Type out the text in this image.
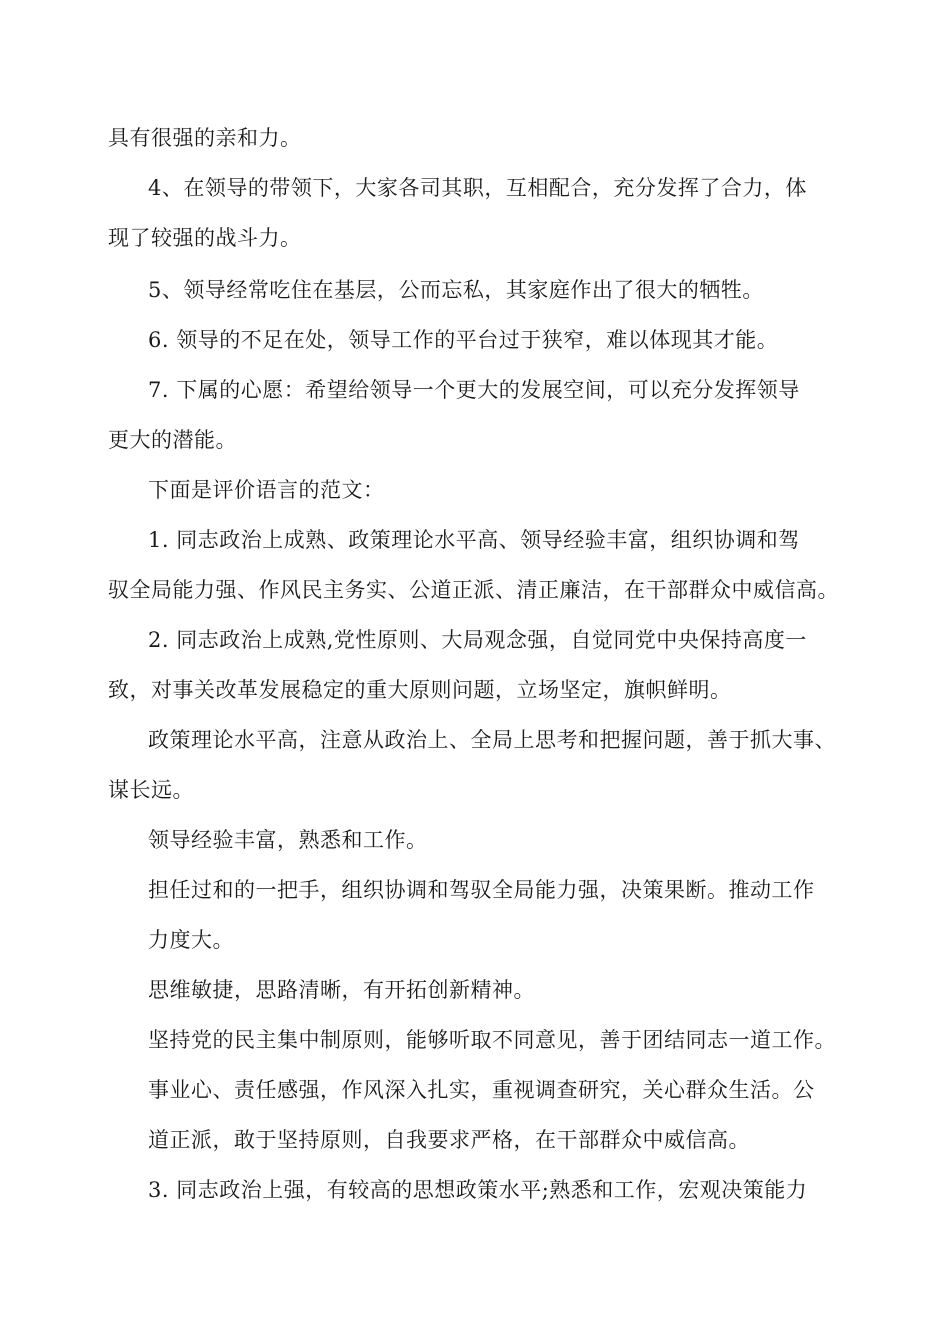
具有很强的亲和力。
4、在领导的带领下，大家各司其职，互相配合，充分发挥了合力，体
现了较强的战斗力。
5、领导经常吃住在基层，公而忘私，其家庭作出了很大的牺牲。
6. 领导的不足在处，领导工作的平台过于狭窄，难以体现其才能。
7. 下属的心愿：希望给领导一个更大的发展空间，可以充分发挥领导
更大的潜能。
下面是评价语言的范文：
1. 同志政治上成熟、政策理论水平高、领导经验丰富，组织协调和驾
驭全局能力强、作风民主务实、公道正派、清正廉洁，在干部群众中威信高。
2. 同志政治上成熟,党性原则、大局观念强，自觉同党中央保持高度一
致，对事关改革发展稳定的重大原则问题，立场坚定，旗帜鲜明。
政策理论水平高，注意从政治上、全局上思考和把握问题，善于抓大事、
谋长远。
领导经验丰富，熟悉和工作。
担任过和的一把手，组织协调和驾驭全局能力强，决策果断。推动工作
力度大。
思维敏捷，思路清晰，有开拓创新精神。
坚持党的民主集中制原则，能够听取不同意见，善于团结同志一道工作。
事业心、责任感强，作风深入扎实，重视调查研究，关心群众生活。公
道正派，敢于坚持原则，自我要求严格，在干部群众中威信高。
3. 同志政治上强，有较高的思想政策水平;熟悉和工作，宏观决策能力
